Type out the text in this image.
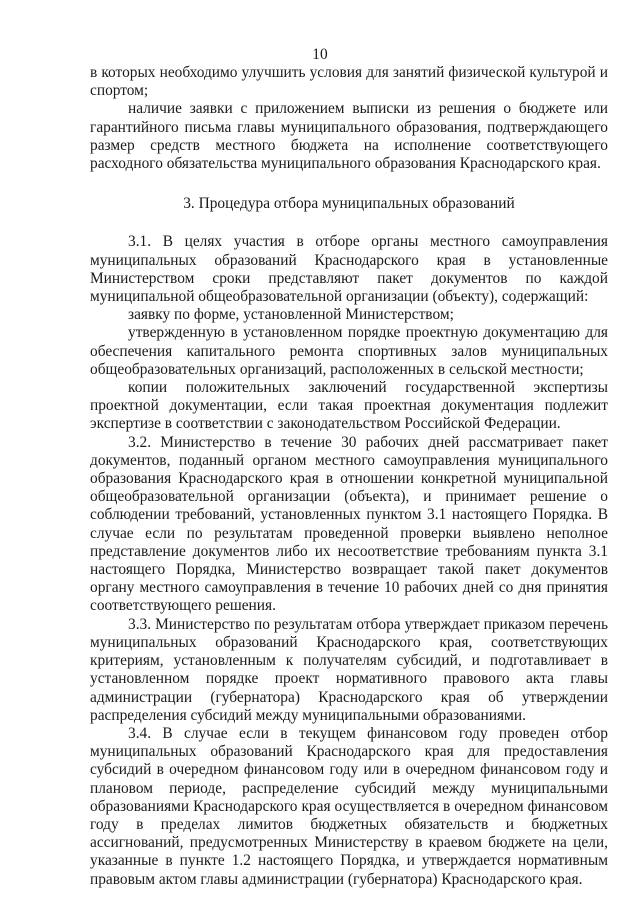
10

в которых необходимо улучшить условия для занятий физической культурой и спортом;

наличие заявки с приложением выписки из решения о бюджете или гарантийного письма главы муниципального образования, подтверждающего размер средств местного бюджета на исполнение соответствующего расходного обязательства муниципального образования Краснодарского края.

3. Процедура отбора муниципальных образований

3.1. В целях участия в отборе органы местного самоуправления муниципальных образований Краснодарского края в установленные Министерством сроки представляют пакет документов по каждой муниципальной общеобразовательной организации (объекту), содержащий:

заявку по форме, установленной Министерством;

утвержденную в установленном порядке проектную документацию для обеспечения капитального ремонта спортивных залов муниципальных общеобразовательных организаций, расположенных в сельской местности;

копии положительных заключений государственной экспертизы проектной документации, если такая проектная документация подлежит экспертизе в соответствии с законодательством Российской Федерации.

3.2. Министерство в течение 30 рабочих дней рассматривает пакет документов, поданный органом местного самоуправления муниципального образования Краснодарского края в отношении конкретной муниципальной общеобразовательной организации (объекта), и принимает решение о соблюдении требований, установленных пунктом 3.1 настоящего Порядка. В случае если по результатам проведенной проверки выявлено неполное представление документов либо их несоответствие требованиям пункта 3.1 настоящего Порядка, Министерство возвращает такой пакет документов органу местного самоуправления в течение 10 рабочих дней со дня принятия соответствующего решения.

3.3. Министерство по результатам отбора утверждает приказом перечень муниципальных образований Краснодарского края, соответствующих критериям, установленным к получателям субсидий, и подготавливает в установленном порядке проект нормативного правового акта главы администрации (губернатора) Краснодарского края об утверждении распределения субсидий между муниципальными образованиями.

3.4. В случае если в текущем финансовом году проведен отбор муниципальных образований Краснодарского края для предоставления субсидий в очередном финансовом году или в очередном финансовом году и плановом периоде, распределение субсидий между муниципальными образованиями Краснодарского края осуществляется в очередном финансовом году в пределах лимитов бюджетных обязательств и бюджетных ассигнований, предусмотренных Министерству в краевом бюджете на цели, указанные в пункте 1.2 настоящего Порядка, и утверждается нормативным правовым актом главы администрации (губернатора) Краснодарского края.
